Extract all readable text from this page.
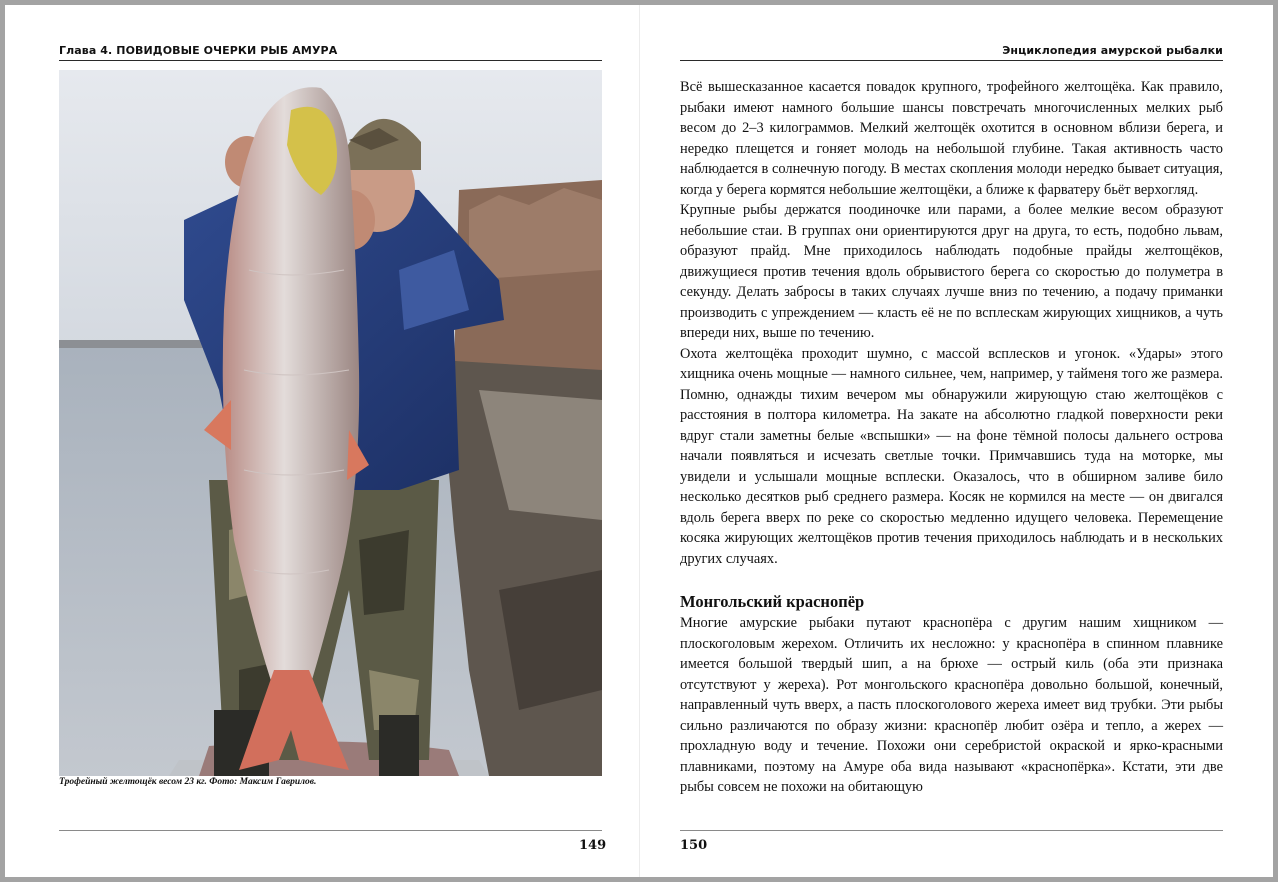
Глава 4. ПОВИДОВЫЕ ОЧЕРКИ РЫБ АМУРА
Трофейный желтощёк весом 23 кг. Фото: Максим Гаврилов.
149
Энциклопедия амурской рыбалки

Всё вышесказанное касается повадок крупного, трофейного желтощёка. Как правило, рыбаки имеют намного большие шансы повстречать многочисленных мелких рыб весом до 2–3 килограммов. Мелкий желтощёк охотится в основном вблизи берега, и нередко плещется и гоняет молодь на небольшой глубине. Такая активность часто наблюдается в солнечную погоду. В местах скопления молоди нередко бывает ситуация, когда у берега кормятся небольшие желтощёки, а ближе к фарватеру бьёт верхогляд.

Крупные рыбы держатся поодиночке или парами, а более мелкие весом образуют небольшие стаи. В группах они ориентируются друг на друга, то есть, подобно львам, образуют прайд. Мне приходилось наблюдать подобные прайды желтощёков, движущиеся против течения вдоль обрывистого берега со скоростью до полуметра в секунду. Делать забросы в таких случаях лучше вниз по течению, а подачу приманки производить с упреждением — класть её не по всплескам жирующих хищников, а чуть впереди них, выше по течению.

Охота желтощёка проходит шумно, с массой всплесков и угонок. «Удары» этого хищника очень мощные — намного сильнее, чем, например, у тайменя того же размера. Помню, однажды тихим вечером мы обнаружили жирующую стаю желтощёков с расстояния в полтора километра. На закате на абсолютно гладкой поверхности реки вдруг стали заметны белые «вспышки» — на фоне тёмной полосы дальнего острова начали появляться и исчезать светлые точки. Примчавшись туда на моторке, мы увидели и услышали мощные всплески. Оказалось, что в обширном заливе било несколько десятков рыб среднего размера. Косяк не кормился на месте — он двигался вдоль берега вверх по реке со скоростью медленно идущего человека. Перемещение косяка жирующих желтощёков против течения приходилось наблюдать и в нескольких других случаях.

Монгольский краснопёр

Многие амурские рыбаки путают краснопёра с другим нашим хищником — плоскоголовым жерехом. Отличить их несложно: у краснопёра в спинном плавнике имеется большой твердый шип, а на брюхе — острый киль (оба эти признака отсутствуют у жереха). Рот монгольского краснопёра довольно большой, конечный, направленный чуть вверх, а пасть плоскоголового жереха имеет вид трубки. Эти рыбы сильно различаются по образу жизни: краснопёр любит озёра и тепло, а жерех — прохладную воду и течение. Похожи они серебристой окраской и ярко-красными плавниками, поэтому на Амуре оба вида называют «краснопёрка». Кстати, эти две рыбы совсем не похожи на обитающую

150
